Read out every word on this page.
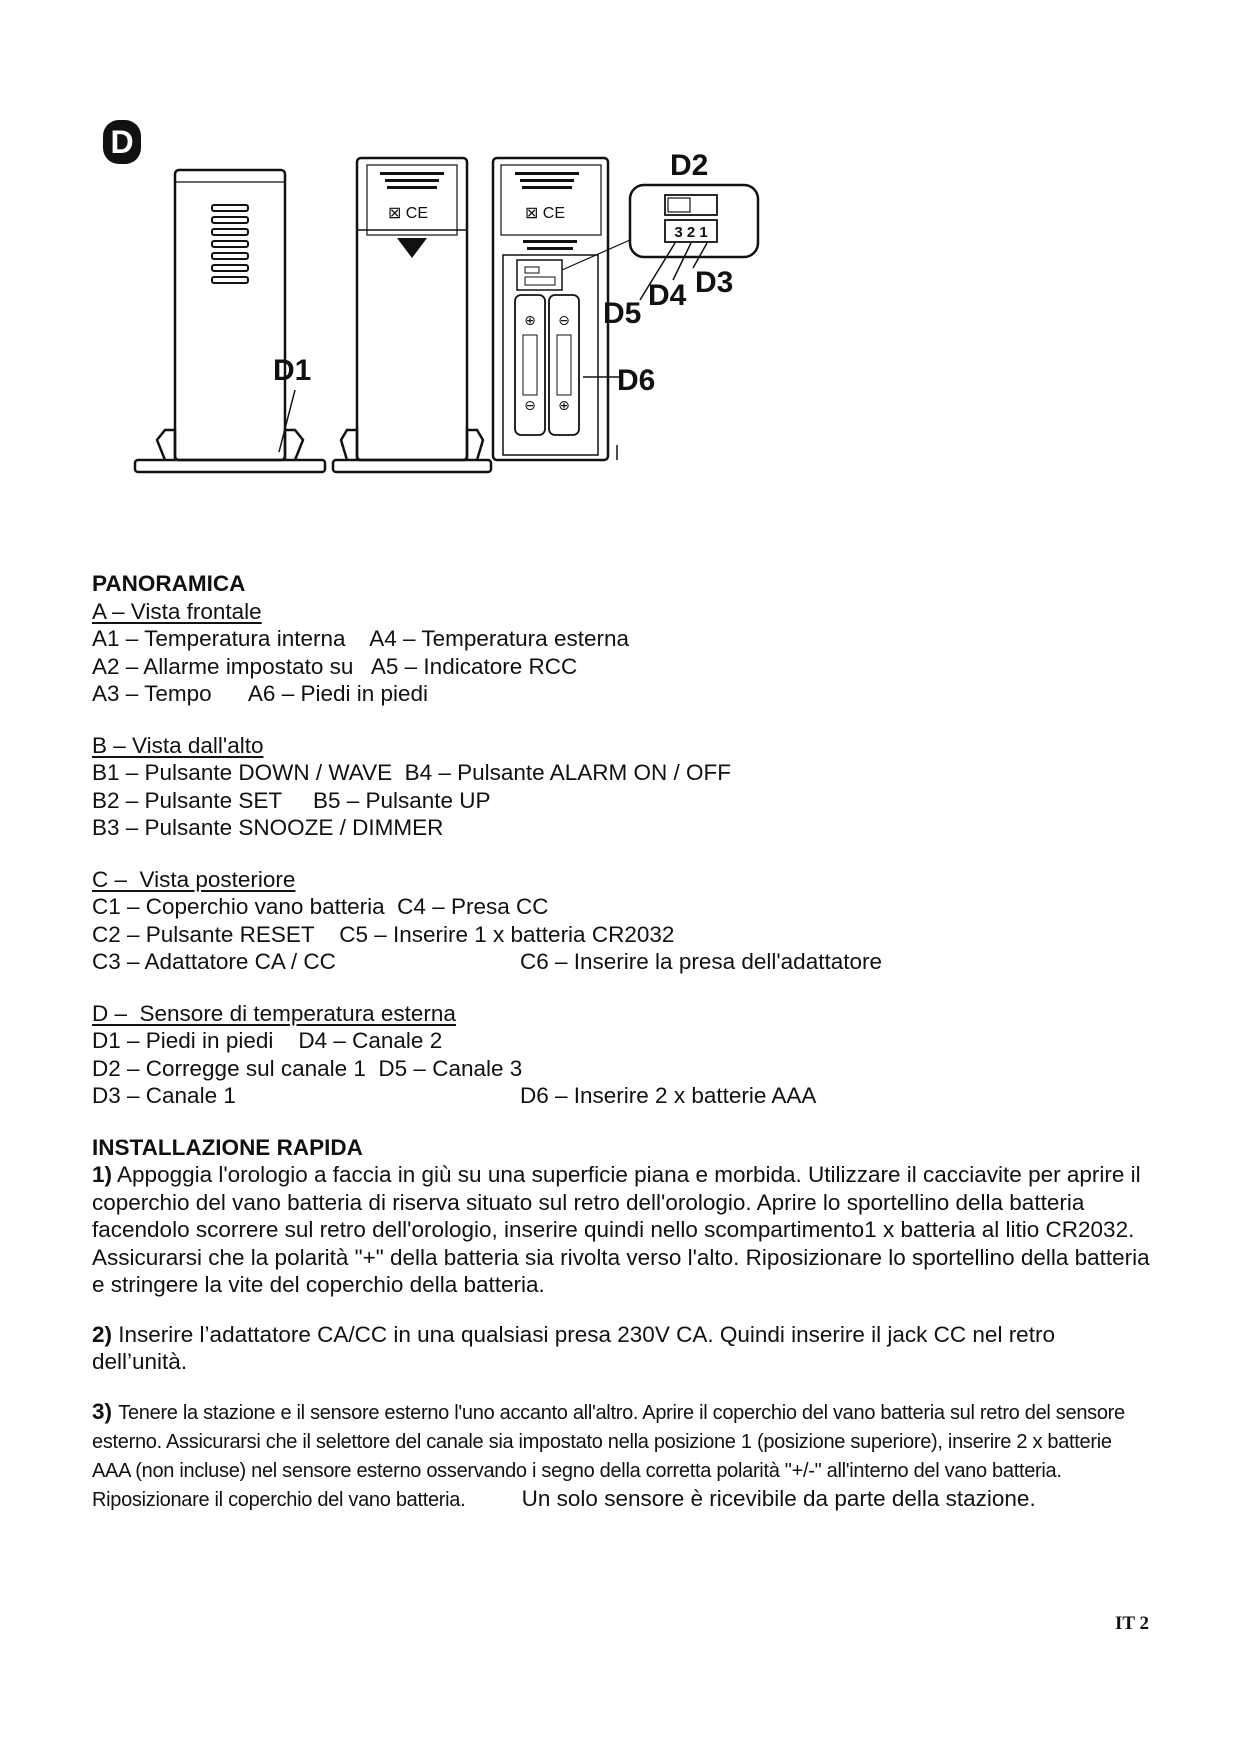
D
⊠ CE	⊠ CE
⊕ ⊖
⊖ ⊕
3 2 1
D1
D2
D3
D4
D5
D6
PANORAMICA
A – Vista frontale
A1 – Temperatura interna    A4 – Temperatura esterna
A2 – Allarme impostato su   A5 – Indicatore RCC
A3 – Tempo      A6 – Piedi in piedi
B – Vista dall'alto
B1 – Pulsante DOWN / WAVE  B4 – Pulsante ALARM ON / OFF
B2 – Pulsante SET     B5 – Pulsante UP
B3 – Pulsante SNOOZE / DIMMER
C –  Vista posteriore
C1 – Coperchio vano batteria  C4 – Presa CC
C2 – Pulsante RESET    C5 – Inserire 1 x batteria CR2032
C3 – Adattatore CA / CC	C6 – Inserire la presa dell'adattatore
D –  Sensore di temperatura esterna
D1 – Piedi in piedi    D4 – Canale 2
D2 – Corregge sul canale 1  D5 – Canale 3
D3 – Canale 1	D6 – Inserire 2 x batterie AAA
INSTALLAZIONE RAPIDA

1) Appoggia l'orologio a faccia in giù su una superficie piana e morbida. Utilizzare il cacciavite per aprire il coperchio del vano batteria di riserva situato sul retro dell'orologio. Aprire lo sportellino della batteria facendolo scorrere sul retro dell'orologio, inserire quindi nello scompartimento1 x batteria al litio CR2032. Assicurarsi che la polarità "+" della batteria sia rivolta verso l'alto. Riposizionare lo sportellino della batteria e stringere la vite del coperchio della batteria.

2) Inserire l’adattatore CA/CC in una qualsiasi presa 230V CA. Quindi inserire il jack CC nel retro dell’unità.

3) Tenere la stazione e il sensore esterno l'uno accanto all'altro. Aprire il coperchio del vano batteria sul retro del sensore esterno. Assicurarsi che il selettore del canale sia impostato nella posizione 1 (posizione superiore), inserire 2 x batterie AAA (non incluse) nel sensore esterno osservando i segno della corretta polarità "+/-" all'interno del vano batteria. Riposizionare il coperchio del vano batteria.	Un solo sensore è ricevibile da parte della stazione.

IT 2
